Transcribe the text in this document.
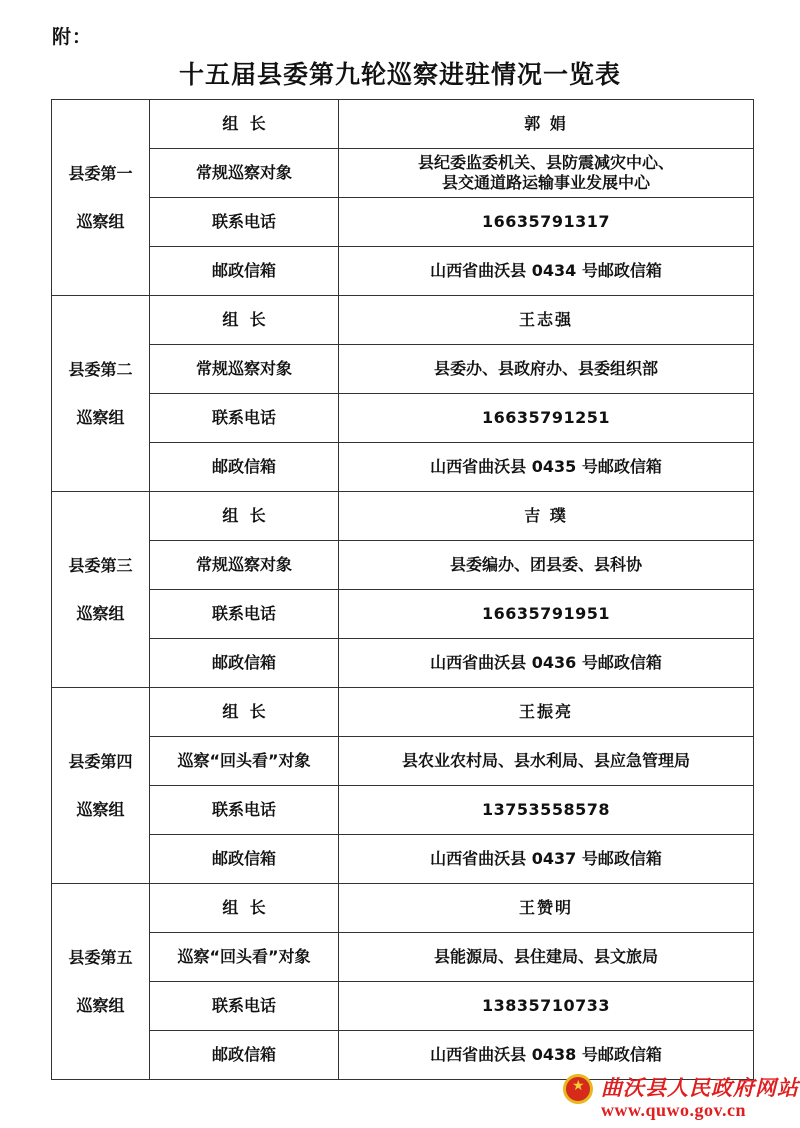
附：
十五届县委第九轮巡察进驻情况一览表
县委第一
巡察组	组  长	郭 娟
	常规巡察对象	县纪委监委机关、县防震减灾中心、
县交通道路运输事业发展中心

	联系电话	16635791317
	邮政信箱	山西省曲沃县 0434 号邮政信箱

县委第二
巡察组	组  长	王志强
	常规巡察对象	县委办、县政府办、县委组织部
	联系电话	16635791251
	邮政信箱	山西省曲沃县 0435 号邮政信箱

县委第三
巡察组	组  长	吉 璞
	常规巡察对象	县委编办、团县委、县科协
	联系电话	16635791951
	邮政信箱	山西省曲沃县 0436 号邮政信箱

县委第四
巡察组	组  长	王振亮
	巡察“回头看”对象	县农业农村局、县水利局、县应急管理局
	联系电话	13753558578
	邮政信箱	山西省曲沃县 0437 号邮政信箱

县委第五
巡察组	组  长	王赞明
	巡察“回头看”对象	县能源局、县住建局、县文旅局
	联系电话	13835710733
	邮政信箱	山西省曲沃县 0438 号邮政信箱
★
曲沃县人民政府网站
www.quwo.gov.cn
